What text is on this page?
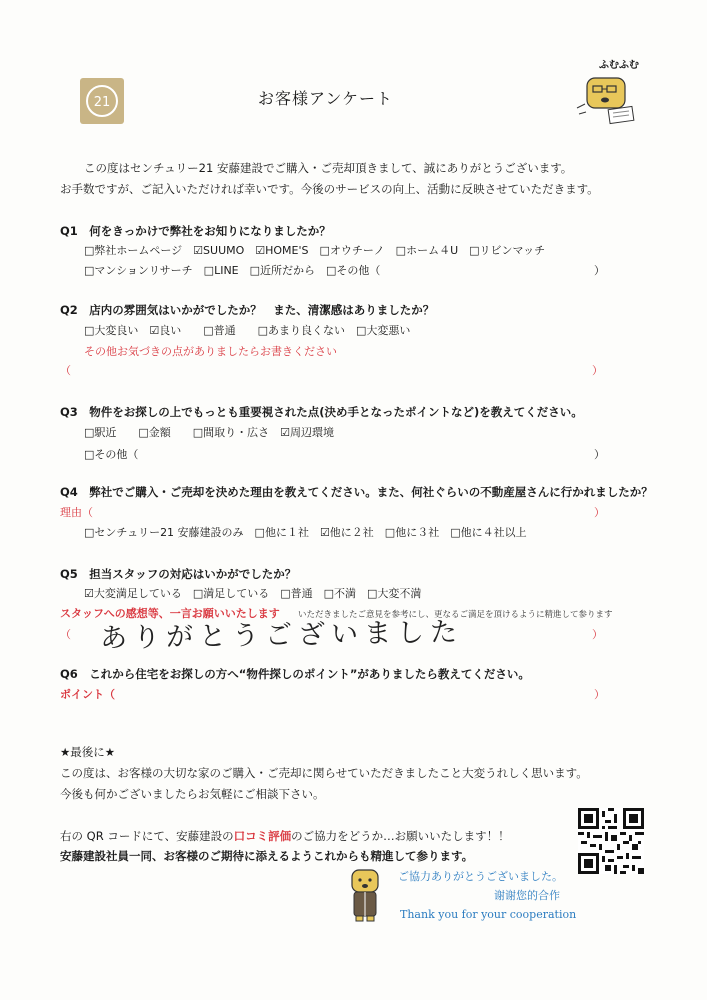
21	お客様アンケート
ふむふむ
この度はセンチュリー21 安藤建設でご購入・ご売却頂きまして、誠にありがとうございます。
お手数ですが、ご記入いただければ幸いです。今後のサービスの向上、活動に反映させていただきます。
Q1　何をきっかけで弊社をお知りになりましたか？
□弊社ホームページ　☑SUUMO　☑HOME'S　□オウチーノ　□ホーム４U　□リビンマッチ
□マンションリサーチ　□LINE　□近所だから　□その他（	）
Q2　店内の雰囲気はいかがでしたか？　また、清潔感はありましたか？
□大変良い　☑良い　　□普通　　□あまり良くない　□大変悪い
その他お気づきの点がありましたらお書きください
（	）
Q3　物件をお探しの上でもっとも重要視された点(決め手となったポイントなど)を教えてください。
□駅近　　□金額　　□間取り・広さ　☑周辺環境
□その他（	）
Q4　弊社でご購入・ご売却を決めた理由を教えてください。また、何社ぐらいの不動産屋さんに行かれましたか？
理由（	）
□センチュリー21 安藤建設のみ　□他に１社　☑他に２社　□他に３社　□他に４社以上
Q5　担当スタッフの対応はいかがでしたか？
☑大変満足している　□満足している　□普通　□不満　□大変不満
スタッフへの感想等、一言お願いいたします いただきましたご意見を参考にし、更なるご満足を頂けるように精進して参ります
（ ありがとうございました	）
Q6　これから住宅をお探しの方へ“物件探しのポイント”がありましたら教えてください。
ポイント（	）
★最後に★
この度は、お客様の大切な家のご購入・ご売却に関らせていただきましたこと大変うれしく思います。
今後も何かございましたらお気軽にご相談下さい。
右の QR コードにて、安藤建設の口コミ評価のご協力をどうか…お願いいたします！！
安藤建設社員一同、お客様のご期待に添えるようこれからも精進して参ります。
ご協力ありがとうございました。
谢谢您的合作
Thank you for your cooperation
